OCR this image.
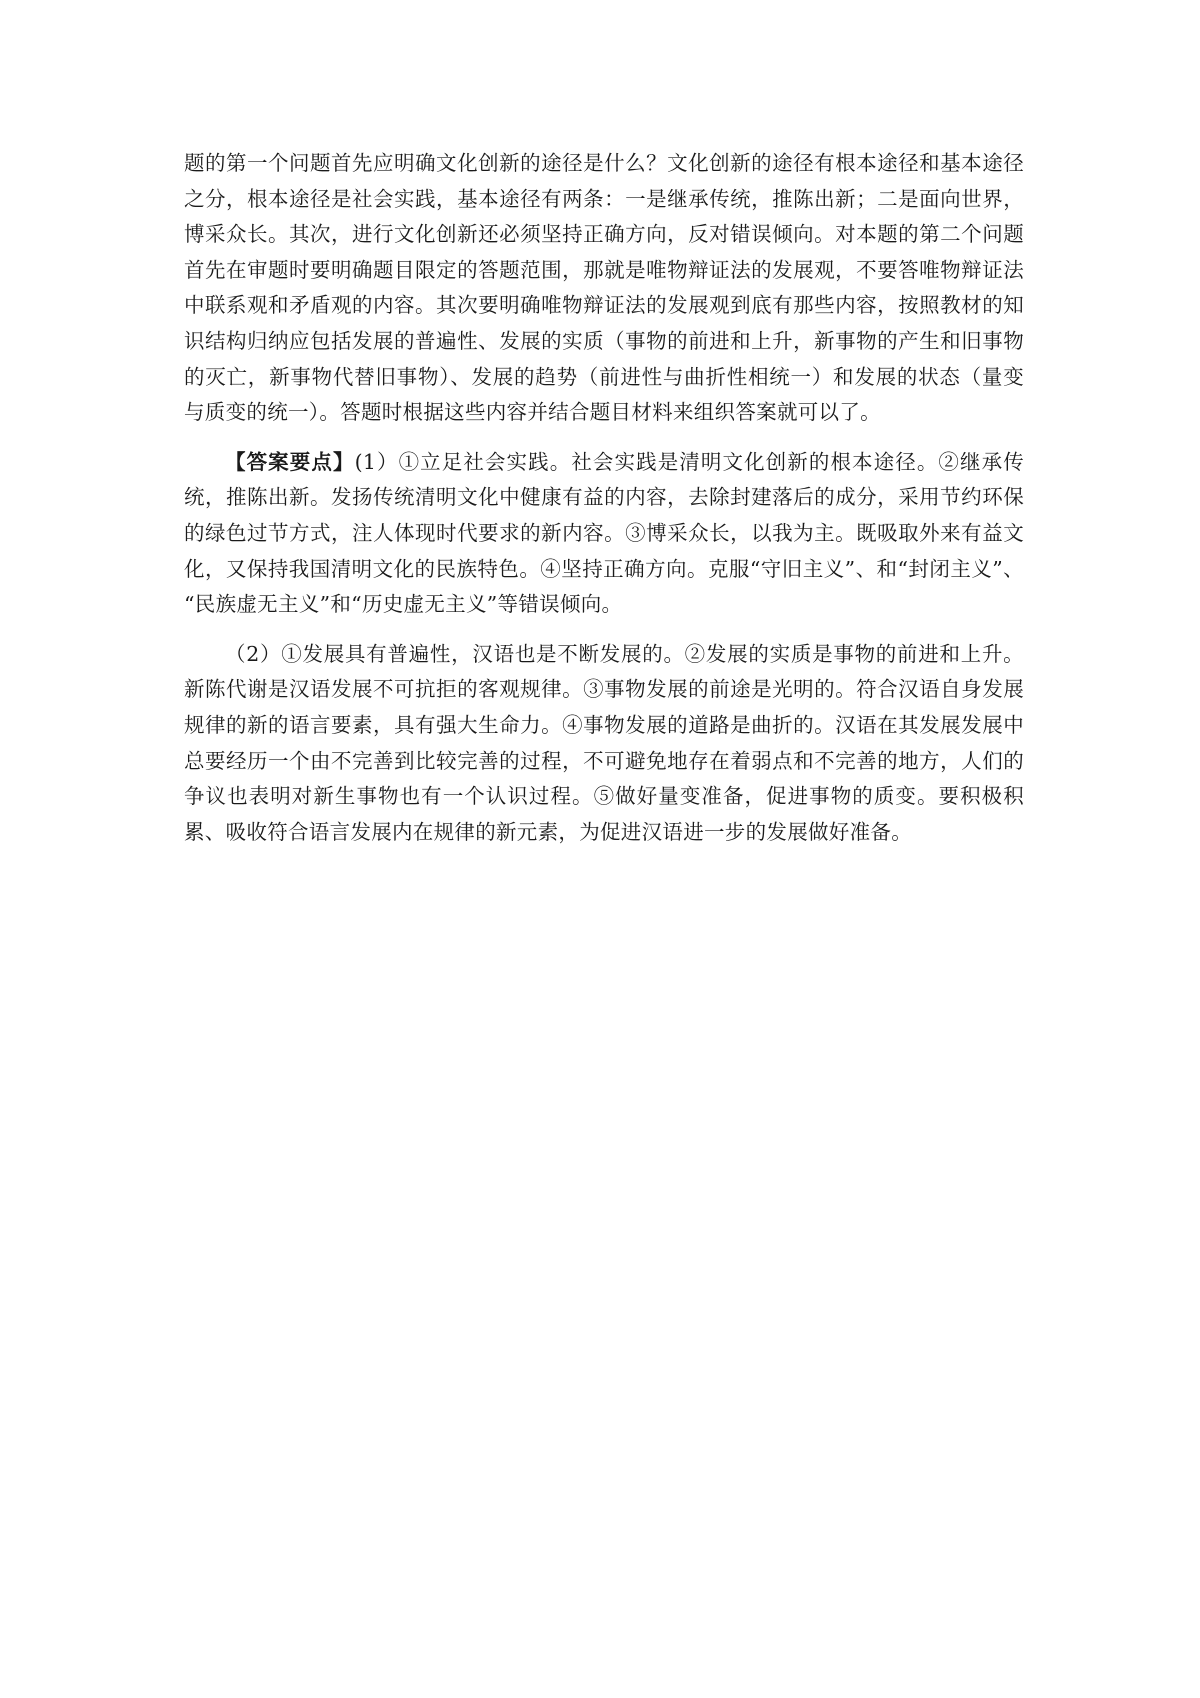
题的第一个问题首先应明确文化创新的途径是什么？文化创新的途径有根本途径和基本途径之分，根本途径是社会实践，基本途径有两条：一是继承传统，推陈出新；二是面向世界，博采众长。其次，进行文化创新还必须坚持正确方向，反对错误倾向。对本题的第二个问题首先在审题时要明确题目限定的答题范围，那就是唯物辩证法的发展观，不要答唯物辩证法中联系观和矛盾观的内容。其次要明确唯物辩证法的发展观到底有那些内容，按照教材的知识结构归纳应包括发展的普遍性、发展的实质（事物的前进和上升，新事物的产生和旧事物的灭亡，新事物代替旧事物）、发展的趋势（前进性与曲折性相统一）和发展的状态（量变与质变的统一）。答题时根据这些内容并结合题目材料来组织答案就可以了。

【答案要点】(1）①立足社会实践。社会实践是清明文化创新的根本途径。②继承传统，推陈出新。发扬传统清明文化中健康有益的内容，去除封建落后的成分，采用节约环保的绿色过节方式，注人体现时代要求的新内容。③博采众长，以我为主。既吸取外来有益文化，又保持我国清明文化的民族特色。④坚持正确方向。克服“守旧主义”、和“封闭主义”、 “民族虚无主义”和“历史虚无主义”等错误倾向。

（2）①发展具有普遍性，汉语也是不断发展的。②发展的实质是事物的前进和上升。新陈代谢是汉语发展不可抗拒的客观规律。③事物发展的前途是光明的。符合汉语自身发展规律的新的语言要素，具有强大生命力。④事物发展的道路是曲折的。汉语在其发展发展中总要经历一个由不完善到比较完善的过程，不可避免地存在着弱点和不完善的地方，人们的争议也表明对新生事物也有一个认识过程。⑤做好量变准备，促进事物的质变。要积极积累、吸收符合语言发展内在规律的新元素，为促进汉语进一步的发展做好准备。
